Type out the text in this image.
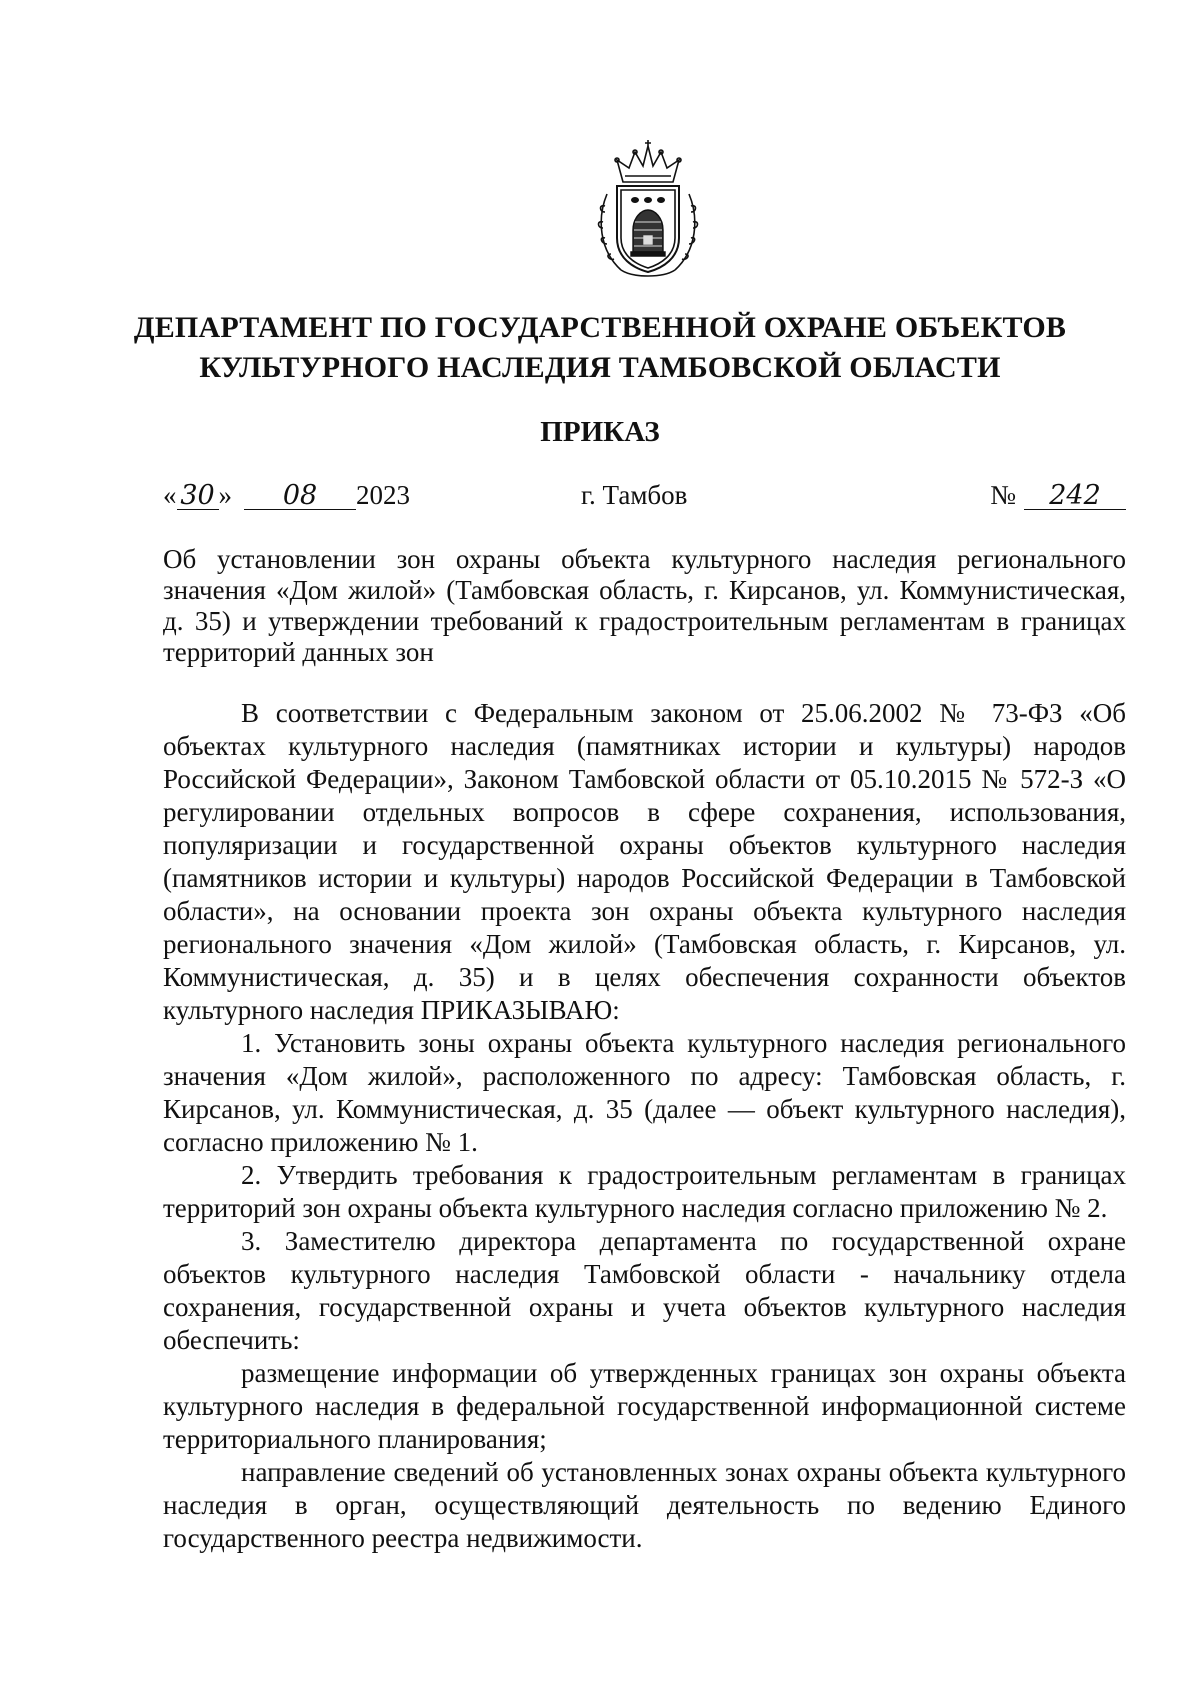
ДЕПАРТАМЕНТ ПО ГОСУДАРСТВЕННОЙ ОХРАНЕ ОБЪЕКТОВ
КУЛЬТУРНОГО НАСЛЕДИЯ ТАМБОВСКОЙ ОБЛАСТИ
ПРИКАЗ
« 30 » 08 2023	г. Тамбов	№ 242
Об установлении зон охраны объекта культурного наследия регионального значения «Дом жилой» (Тамбовская область, г. Кирсанов, ул. Коммунистическая, д. 35) и утверждении требований к градостроительным регламентам в границах территорий данных зон

В соответствии с Федеральным законом от 25.06.2002 № 73-ФЗ «Об объектах культурного наследия (памятниках истории и культуры) народов Российской Федерации», Законом Тамбовской области от 05.10.2015 № 572-З «О регулировании отдельных вопросов в сфере сохранения, использования, популяризации и государственной охраны объектов культурного наследия (памятников истории и культуры) народов Российской Федерации в Тамбовской области», на основании проекта зон охраны объекта культурного наследия регионального значения «Дом жилой» (Тамбовская область, г. Кирсанов, ул. Коммунистическая, д. 35) и в целях обеспечения сохранности объектов культурного наследия ПРИКАЗЫВАЮ:

1. Установить зоны охраны объекта культурного наследия регионального значения «Дом жилой», расположенного по адресу: Тамбовская область, г. Кирсанов, ул. Коммунистическая, д. 35 (далее — объект культурного наследия), согласно приложению № 1.

2. Утвердить требования к градостроительным регламентам в границах территорий зон охраны объекта культурного наследия согласно приложению № 2.

3. Заместителю директора департамента по государственной охране объектов культурного наследия Тамбовской области - начальнику отдела сохранения, государственной охраны и учета объектов культурного наследия обеспечить:

размещение информации об утвержденных границах зон охраны объекта культурного наследия в федеральной государственной информационной системе территориального планирования;

направление сведений об установленных зонах охраны объекта культурного наследия в орган, осуществляющий деятельность по ведению Единого государственного реестра недвижимости.
